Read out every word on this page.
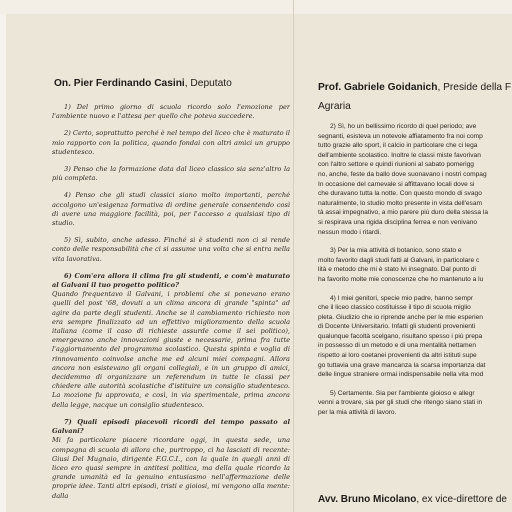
On. Pier Ferdinando Casini, Deputato

1) Del primo giorno di scuola ricordo solo l'emozione per l'ambiente nuovo e l'attesa per quello che poteva succedere.

2) Certo, soprattutto perché è nel tempo del liceo che è maturato il mio rapporto con la politica, quando fondai con altri amici un gruppo studentesco.

3) Penso che la formazione data dal liceo classico sia senz'altro la più completa.

4) Penso che gli studi classici siano molto importanti, perché accolgono un'esigenza formativa di ordine generale consentendo così di avere una maggiore facilità, poi, per l'accesso a qualsiasi tipo di studio.

5) Sì, subito, anche adesso. Finché si è studenti non ci si rende conto delle responsabilità che ci si assume una volta che si entra nella vita lavorativa.

6) Com'era allora il clima fra gli studenti, e com'è maturato al Galvani il tuo progetto politico?
Quando frequentavo il Galvani, i problemi che si ponevano erano quelli del post '68, dovuti a un clima ancora di grande "spinta" ad agire da parte degli studenti. Anche se il cambiamento richiesto non era sempre finalizzato ad un effettivo miglioramento della scuola italiana (come il caso di richieste assurde come il sei politico), emergevano anche innovazioni giuste e necessarie, prima fra tutte l'aggiornamento del programma scolastico. Questa spinta e voglia di rinnovamento coinvolse anche me ed alcuni miei compagni. Allora ancora non esistevano gli organi collegiali, e in un gruppo di amici, decidemmo di organizzare un referendum in tutte le classi per chiedere alle autorità scolastiche d'istituire un consiglio studentesco. La mozione fu approvata, e così, in via sperimentale, prima ancora della legge, nacque un consiglio studentesco.
7) Quali episodi piacevoli ricordi del tempo passato al Galvani?
Mi fa particolare piacere ricordare oggi, in questa sede, una compagna di scuola di allora che, purtroppo, ci ha lasciati di recente: Giusi Del Mugnaio, dirigente F.G.C.I., con la quale in quegli anni di liceo ero quasi sempre in antitesi politica, ma della quale ricordo la grande umanità ed la genuino entusiasmo nell'affermazione delle proprie idee. Tanti altri episodi, tristi e gioiosi, mi vengono alla mente: dalla
Prof. Gabriele Goidanich, Preside della F
Agraria
2) Sì, ho un bellissimo ricordo di quel periodo; ave
segnanti, esisteva un notevole affiatamento fra noi comp
tutto grazie allo sport, il calcio in particolare che ci lega
dell'ambiente scolastico. Inoltre le classi miste favorivan
con l'altro settore e quindi riunioni al sabato pomerigg
no, anche, feste da ballo dove suonavano i nostri compag
In occasione del carnevale si affittavano locali dove si
che duravano tutta la notte. Con questo mondo di svago
naturalmente, lo studio molto presente in vista dell'esam
tà assai impegnativo, a mio parere più duro della stessa la
si respirava una rigida disciplina ferrea e non venivano
nessun modo i ritardi.
3) Per la mia attività di botanico, sono stato e
molto favorito dagli studi fatti al Galvani, in particolare c
lità e metodo che mi è stato lvi insegnato. Dal punto di
ha favorito molte mie conoscenze che ho mantenuto a lu
4) I miei genitori, specie mio padre, hanno sempr
che il liceo classico costituisse il tipo di scuola miglio
pleta. Giudizio che io riprende anche per le mie esperien
di Docente Universitario. Infatti gli studenti provenienti
qualunque facoltà scelgano, risultano spesso i più prepa
in possesso di un metodo e di una mentalità nettamen
rispetto ai loro coetanei provenienti da altri istituti supe
go tuttavia una grave mancanza la scarsa importanza dat
delle lingue straniere ormai indispensabile nella vita mod
5) Certamente. Sia per l'ambiente gioioso e allegr
venni a trovare, sia per gli studi che ritengo siano stati in
per la mia attività di lavoro.
Avv. Bruno Micolano, ex vice-direttore de
